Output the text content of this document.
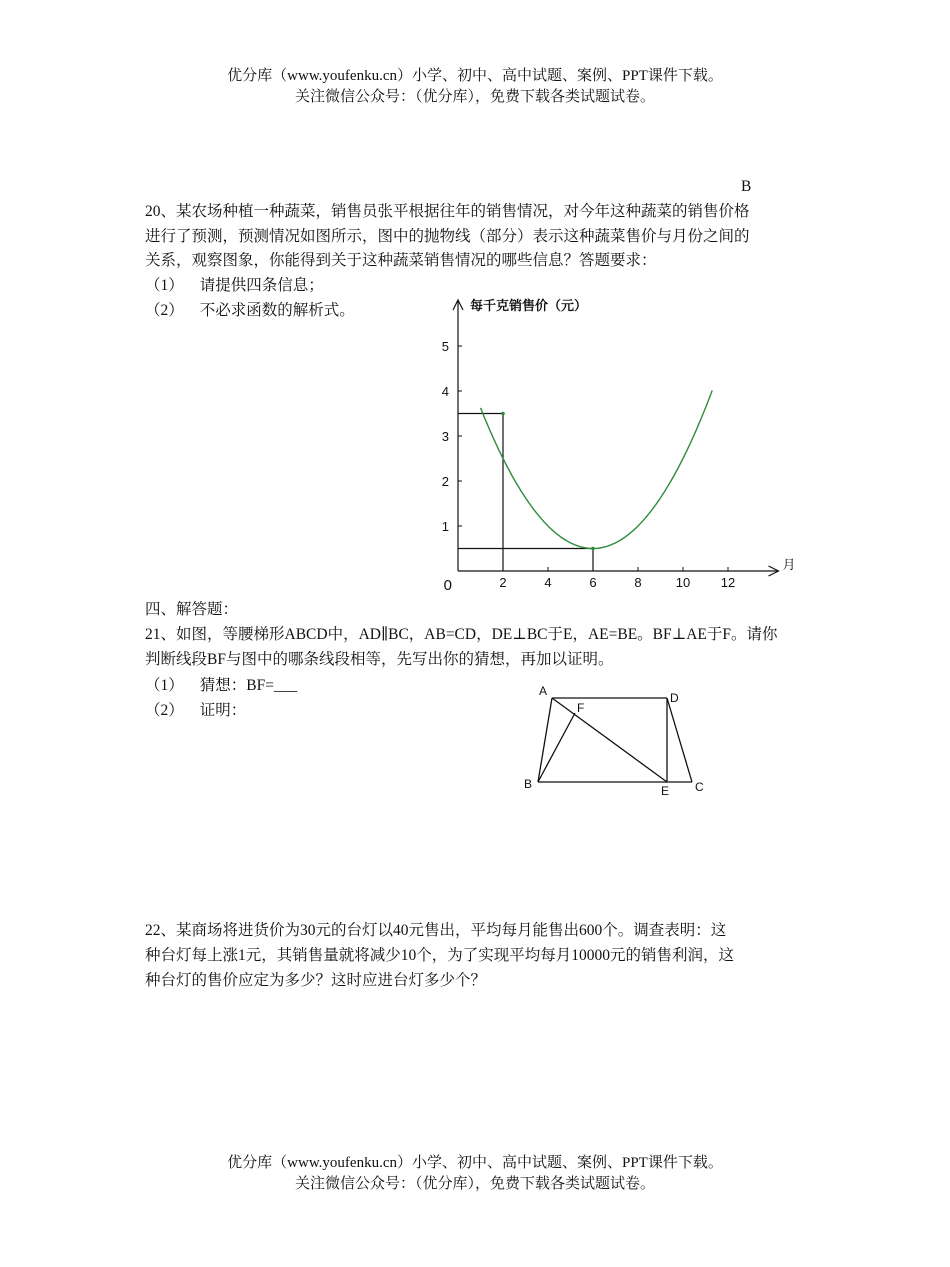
优分库（www.youfenku.cn）小学、初中、高中试题、案例、PPT课件下载。
关注微信公众号：（优分库），免费下载各类试题试卷。
B
20、某农场种植一种蔬菜，销售员张平根据往年的销售情况，对今年这种蔬菜的销售价格
进行了预测，预测情况如图所示，图中的抛物线（部分）表示这种蔬菜售价与月份之间的
关系，观察图象，你能得到关于这种蔬菜销售情况的哪些信息？答题要求：
（1） 请提供四条信息；
（2） 不必求函数的解析式。
2	4	6	8	10 12
1
2
3
4
5
0
每千克销售价（元）
月
四、解答题：
21、如图，等腰梯形ABCD中，AD∥BC，AB=CD，DE⊥BC于E，AE=BE。BF⊥AE于F。请你
判断线段BF与图中的哪条线段相等，先写出你的猜想，再加以证明。
（1） 猜想：BF=___
（2） 证明：
A	D
F
B	E C
22、某商场将进货价为30元的台灯以40元售出，平均每月能售出600个。调查表明：这
种台灯每上涨1元，其销售量就将减少10个，为了实现平均每月10000元的销售利润，这
种台灯的售价应定为多少？这时应进台灯多少个？
优分库（www.youfenku.cn）小学、初中、高中试题、案例、PPT课件下载。
关注微信公众号：（优分库），免费下载各类试题试卷。
